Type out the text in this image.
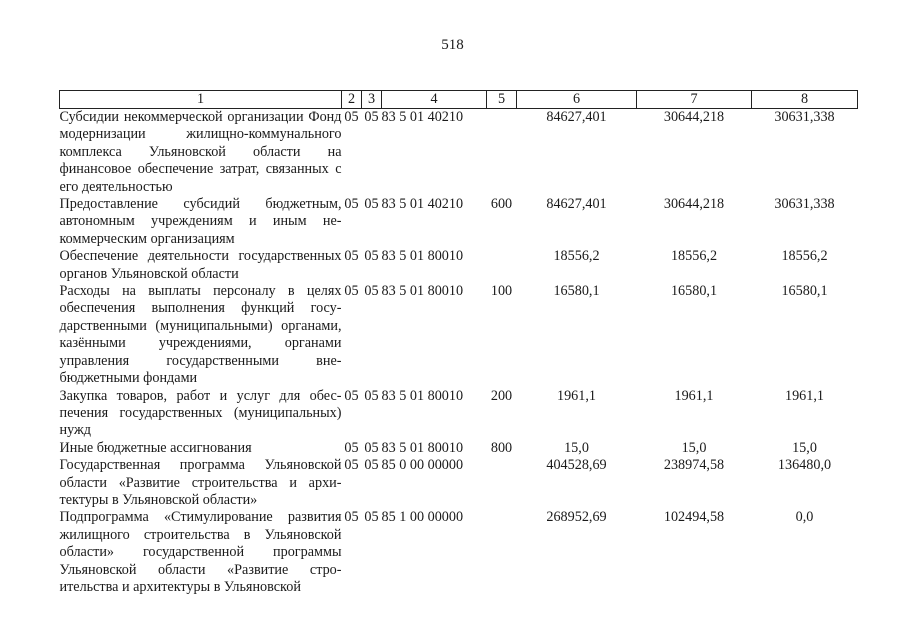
518
1	2	3	4	5	6	7	8
Субсидии некоммерческой организации Фонд модернизации жилищно-коммунального комплекса Ульяновской области на финансовое обеспечение затрат, связанных с его деятельностью	05	05	83 5 01 40210		84627,401	30644,218	30631,338
Предоставление субсидий бюджетным, автономным учреждениям и иным некоммерческим организациям	05	05	83 5 01 40210	600	84627,401	30644,218	30631,338
Обеспечение деятельности государственных органов Ульяновской области	05	05	83 5 01 80010		18556,2	18556,2	18556,2
Расходы на выплаты персоналу в целях обеспечения выполнения функций государственными (муниципальными) органами, казёнными учреждениями, органами управления государственными внебюджетными фондами	05	05	83 5 01 80010	100	16580,1	16580,1	16580,1
Закупка товаров, работ и услуг для обеспечения государственных (муниципальных) нужд	05	05	83 5 01 80010	200	1961,1	1961,1	1961,1
Иные бюджетные ассигнования	05	05	83 5 01 80010	800	15,0	15,0	15,0
Государственная программа Ульяновской области «Развитие строительства и архитектуры в Ульяновской области»	05	05	85 0 00 00000		404528,69	238974,58	136480,0
Подпрограмма «Стимулирование развития жилищного строительства в Ульяновской области» государственной программы Ульяновской области «Развитие строительства и архитектуры в Ульяновской	05	05	85 1 00 00000		268952,69	102494,58	0,0
